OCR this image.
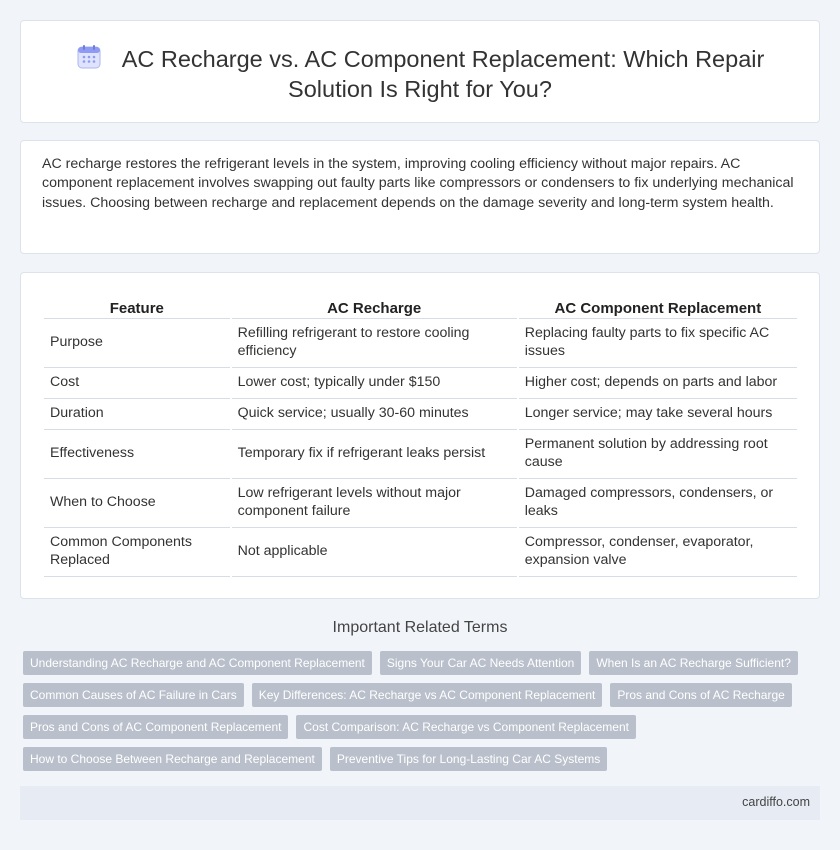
AC Recharge vs. AC Component Replacement: Which Repair
Solution Is Right for You?

AC recharge restores the refrigerant levels in the system, improving cooling efficiency without major repairs. AC component replacement involves swapping out faulty parts like compressors or condensers to fix underlying mechanical issues. Choosing between recharge and replacement depends on the damage severity and long-term system health.

Feature	AC Recharge	AC Component Replacement
Purpose	Refilling refrigerant to restore cooling efficiency	Replacing faulty parts to fix specific AC issues
Cost	Lower cost; typically under $150	Higher cost; depends on parts and labor
Duration	Quick service; usually 30-60 minutes	Longer service; may take several hours
Effectiveness	Temporary fix if refrigerant leaks persist	Permanent solution by addressing root cause
When to Choose	Low refrigerant levels without major component failure	Damaged compressors, condensers, or leaks
Common Components Replaced	Not applicable	Compressor, condenser, evaporator, expansion valve
Important Related Terms
Understanding AC Recharge and AC Component Replacement	Signs Your Car AC Needs Attention	When Is an AC Recharge Sufficient?
Common Causes of AC Failure in Cars	Key Differences: AC Recharge vs AC Component Replacement	Pros and Cons of AC Recharge
Pros and Cons of AC Component Replacement	Cost Comparison: AC Recharge vs Component Replacement
How to Choose Between Recharge and Replacement	Preventive Tips for Long-Lasting Car AC Systems
cardiffo.com
